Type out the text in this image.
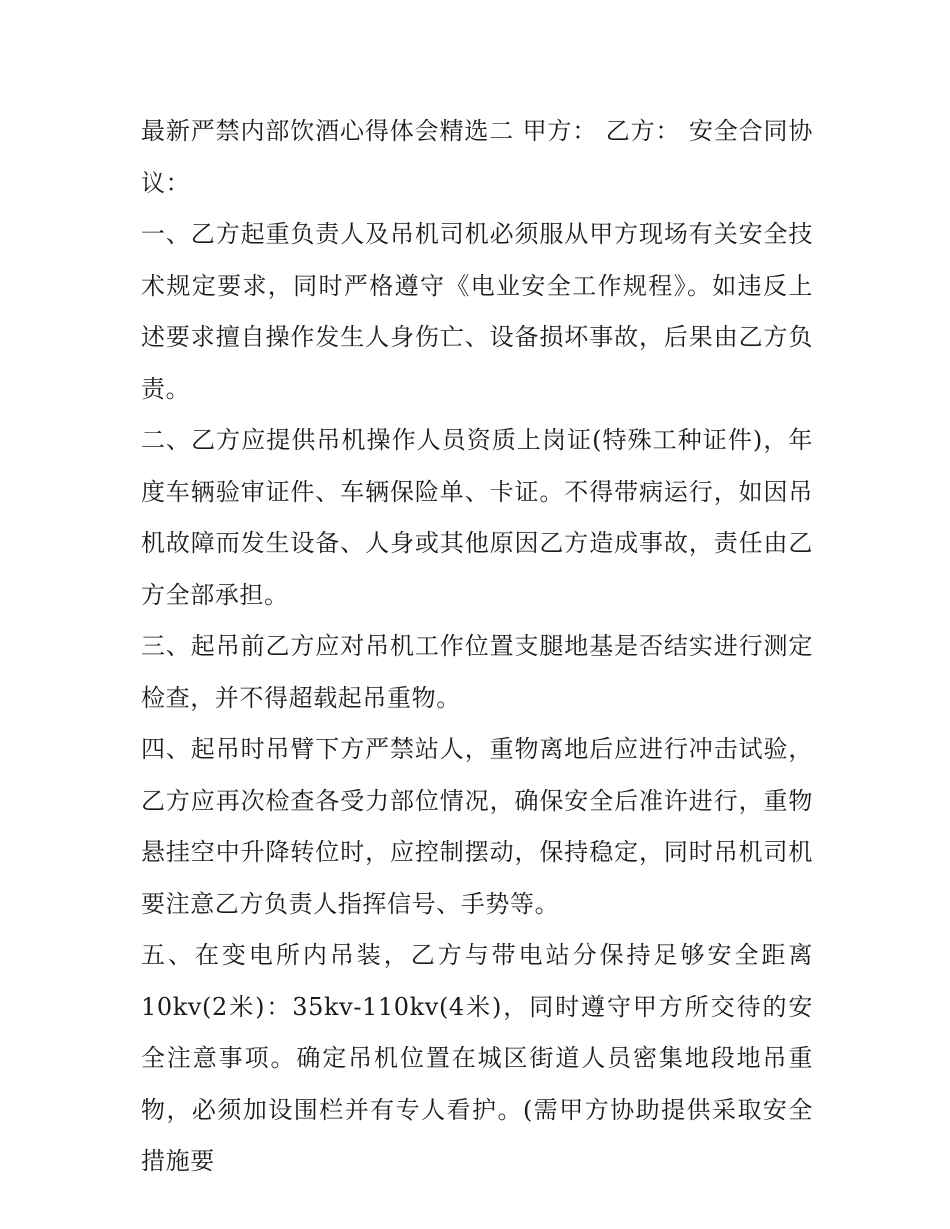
最新严禁内部饮酒心得体会精选二 甲方： 乙方： 安全合同协议：

一、乙方起重负责人及吊机司机必须服从甲方现场有关安全技术规定要求，同时严格遵守《电业安全工作规程》。如违反上述要求擅自操作发生人身伤亡、设备损坏事故，后果由乙方负责。

二、乙方应提供吊机操作人员资质上岗证(特殊工种证件)，年度车辆验审证件、车辆保险单、卡证。不得带病运行，如因吊机故障而发生设备、人身或其他原因乙方造成事故，责任由乙方全部承担。

三、起吊前乙方应对吊机工作位置支腿地基是否结实进行测定检查，并不得超载起吊重物。

四、起吊时吊臂下方严禁站人，重物离地后应进行冲击试验，乙方应再次检查各受力部位情况，确保安全后准许进行，重物悬挂空中升降转位时，应控制摆动，保持稳定，同时吊机司机要注意乙方负责人指挥信号、手势等。

五、在变电所内吊装，乙方与带电站分保持足够安全距离10kv(2米)：35kv-110kv(4米)，同时遵守甲方所交待的安全注意事项。确定吊机位置在城区街道人员密集地段地吊重物，必须加设围栏并有专人看护。(需甲方协助提供采取安全措施要
